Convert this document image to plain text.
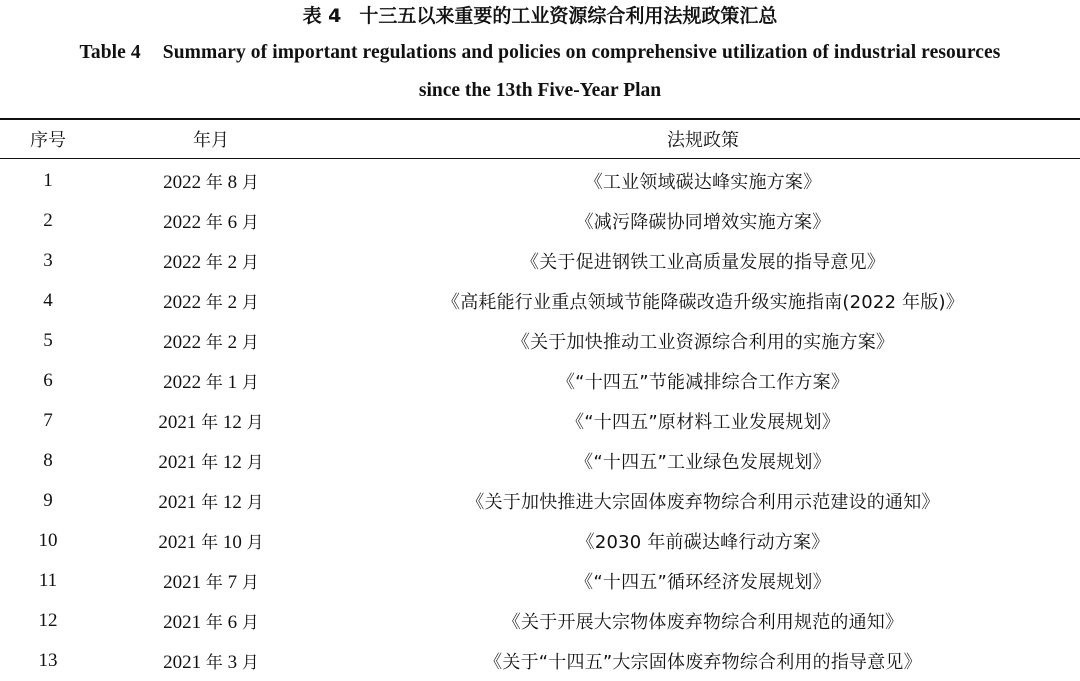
表 4 十三五以来重要的工业资源综合利用法规政策汇总
Table 4 Summary of important regulations and policies on comprehensive utilization of industrial resources
since the 13th Five-Year Plan
序号	年月	法规政策
1	2022 年 8 月	《工业领域碳达峰实施方案》
2	2022 年 6 月	《减污降碳协同增效实施方案》
3	2022 年 2 月	《关于促进钢铁工业高质量发展的指导意见》
4	2022 年 2 月	《高耗能行业重点领域节能降碳改造升级实施指南(2022 年版)》
5	2022 年 2 月	《关于加快推动工业资源综合利用的实施方案》
6	2022 年 1 月	《“十四五”节能减排综合工作方案》
7	2021 年 12 月	《“十四五”原材料工业发展规划》
8	2021 年 12 月	《“十四五”工业绿色发展规划》
9	2021 年 12 月	《关于加快推进大宗固体废弃物综合利用示范建设的通知》
10	2021 年 10 月	《2030 年前碳达峰行动方案》
11	2021 年 7 月	《“十四五”循环经济发展规划》
12	2021 年 6 月	《关于开展大宗物体废弃物综合利用规范的通知》
13	2021 年 3 月	《关于“十四五”大宗固体废弃物综合利用的指导意见》
